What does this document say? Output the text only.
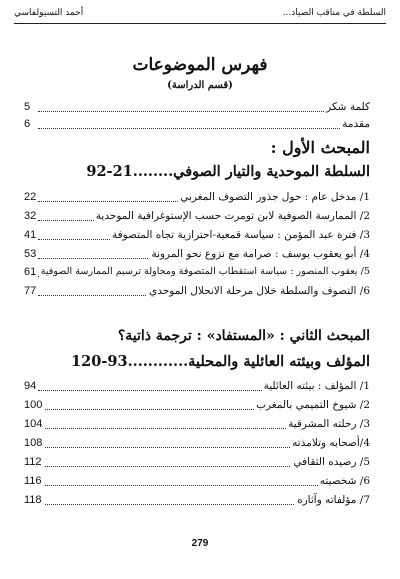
السلطة في مناقب الصياد...
أحمد التسيولفاسي
فهرس الموضوعات
(قسم الدراسة)
كلمة شكر
5
مقدمة
6
المبحث الأول :
السلطة الموحدية والتيار الصوفي........21-92
1/ مدخل عام : حول جذور التصوف المغربي
22
2/ الممارسة الصوفية لابن تومرت حسب الإستوغرافية الموحدية
32
3/ فترة عبد المؤمن : سياسة قمعية-احترازية تجاه المتصوفة
41
4/ أبو يعقوب يوسف : صرامة مع نزوع نحو المرونة
53
5/ يعقوب المنصور : سياسة استقطاب المتصوفة ومحاولة ترسيم الممارسة الصوفية
61
6/ التصوف والسلطة خلال مرحلة الانحلال الموحدي
77
المبحث الثاني : «المستفاد» : ترجمة ذاتية؟
المؤلف وبيئته العائلية والمحلية............93-120
1/ المؤلف : بيئته العائلية
94
2/ شيوخ التميمي بالمغرب
100
3/ رحلته المشرقية
104
4/أصحابه وتلامذته
108
5/ رصيده الثقافي
112
6/ شخصيته
116
7/ مؤلفاته وآثاره
118
279
